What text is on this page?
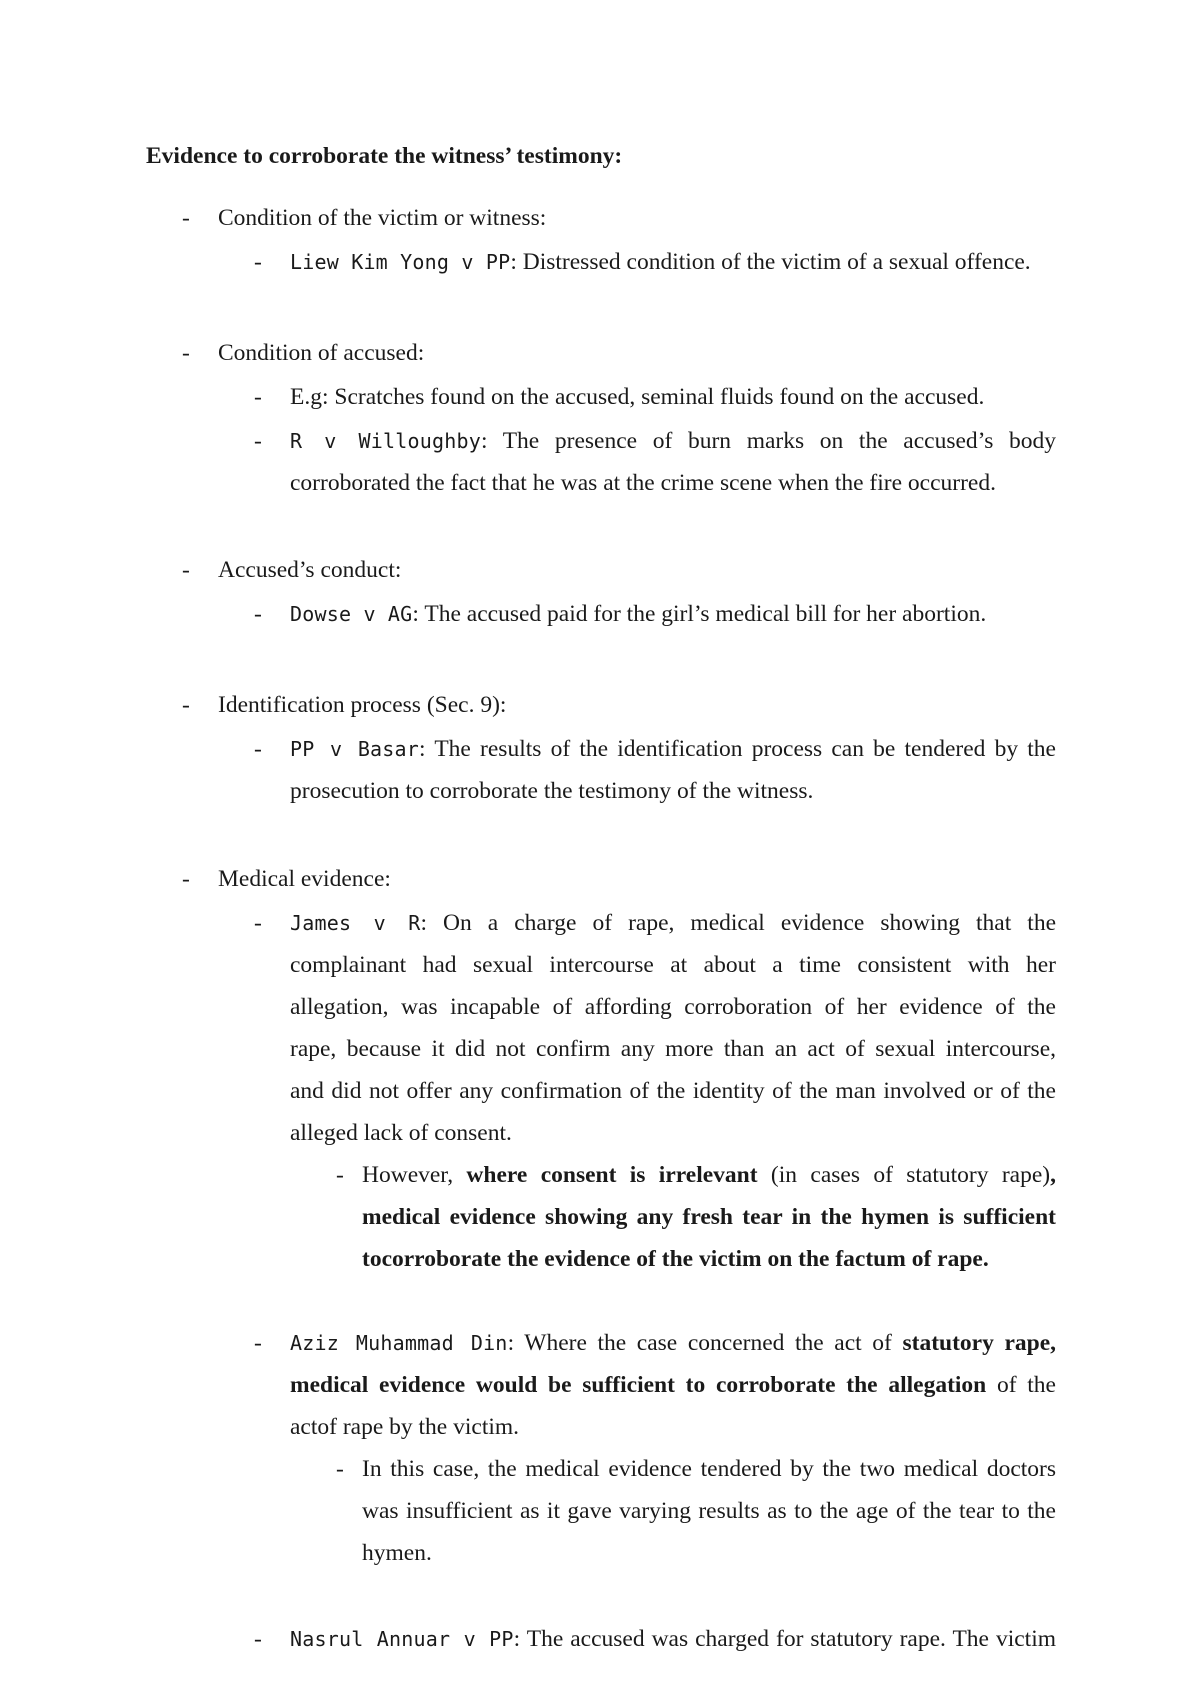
Evidence to corroborate the witness’ testimony:
- Condition of the victim or witness:
- Liew Kim Yong v PP: Distressed condition of the victim of a sexual offence.
- Condition of accused:
- E.g: Scratches found on the accused, seminal fluids found on the accused.
- R v Willoughby: The presence of burn marks on the accused’s body
corroborated the fact that he was at the crime scene when the fire occurred.
- Accused’s conduct:
- Dowse v AG: The accused paid for the girl’s medical bill for her abortion.
- Identification process (Sec. 9):
- PP v Basar: The results of the identification process can be tendered by the
prosecution to corroborate the testimony of the witness.
- Medical evidence:
- James v R: On a charge of rape, medical evidence showing that the
complainant had sexual intercourse at about a time consistent with her
allegation, was incapable of affording corroboration of her evidence of the
rape, because it did not confirm any more than an act of sexual intercourse,
and did not offer any confirmation of the identity of the man involved or of the
alleged lack of consent.
- However, where consent is irrelevant (in cases of statutory rape),
medical evidence showing any fresh tear in the hymen is sufficient
tocorroborate the evidence of the victim on the factum of rape.
- Aziz Muhammad Din: Where the case concerned the act of statutory rape,
medical evidence would be sufficient to corroborate the allegation of the
actof rape by the victim.
- In this case, the medical evidence tendered by the two medical doctors
was insufficient as it gave varying results as to the age of the tear to the
hymen.
- Nasrul Annuar v PP: The accused was charged for statutory rape. The victim
